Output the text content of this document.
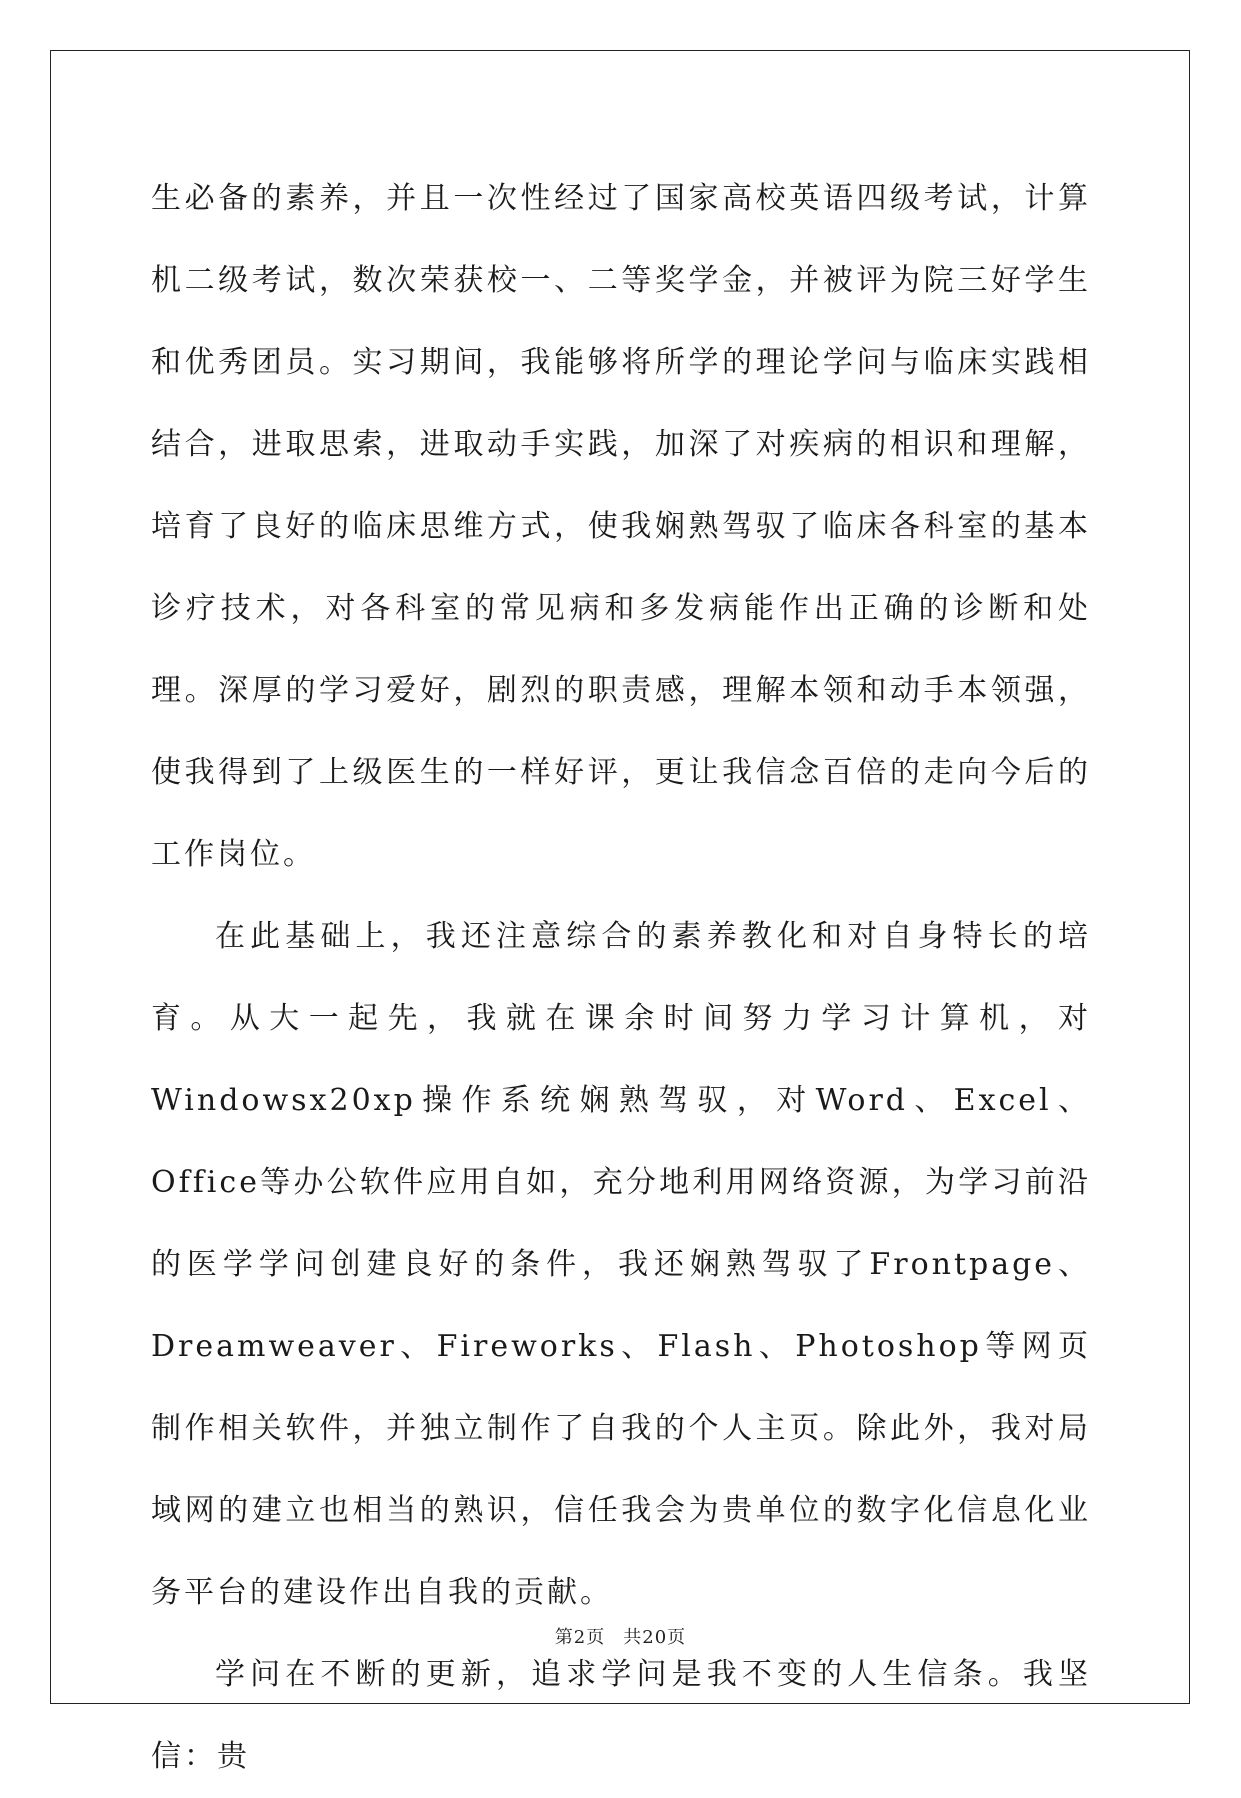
生必备的素养，并且一次性经过了国家高校英语四级考试，计算机二级考试，数次荣获校一、二等奖学金，并被评为院三好学生和优秀团员。实习期间，我能够将所学的理论学问与临床实践相结合，进取思索，进取动手实践，加深了对疾病的相识和理解，培育了良好的临床思维方式，使我娴熟驾驭了临床各科室的基本诊疗技术，对各科室的常见病和多发病能作出正确的诊断和处理。深厚的学习爱好，剧烈的职责感，理解本领和动手本领强，使我得到了上级医生的一样好评，更让我信念百倍的走向今后的工作岗位。

在此基础上，我还注意综合的素养教化和对自身特长的培育。从大一起先，我就在课余时间努力学习计算机，对Windowsx20xp操作系统娴熟驾驭，对Word、Excel、Office等办公软件应用自如，充分地利用网络资源，为学习前沿的医学学问创建良好的条件，我还娴熟驾驭了Frontpage、Dreamweaver、Fireworks、Flash、Photoshop等网页制作相关软件，并独立制作了自我的个人主页。除此外，我对局域网的建立也相当的熟识，信任我会为贵单位的数字化信息化业务平台的建设作出自我的贡献。

学问在不断的更新，追求学问是我不变的人生信条。我坚信：贵

第2页 共20页
